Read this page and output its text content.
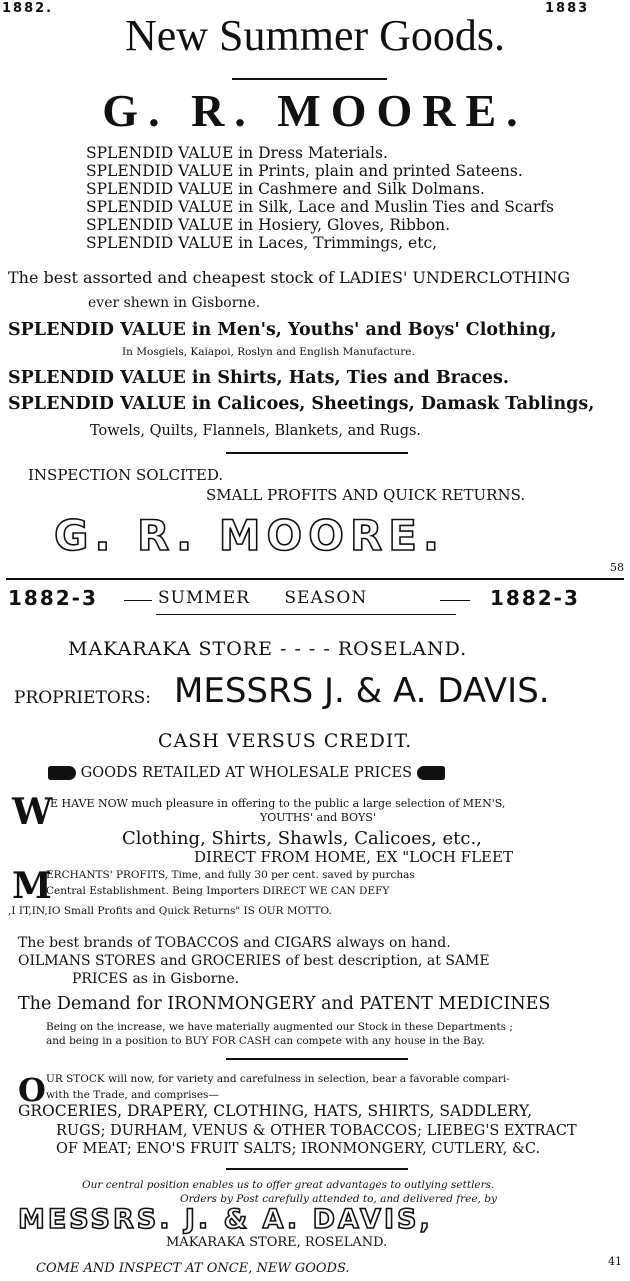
1882.	1883
New Summer Goods.
G. R. MOORE.
SPLENDID VALUE in Dress Materials.
SPLENDID VALUE in Prints, plain and printed Sateens.
SPLENDID VALUE in Cashmere and Silk Dolmans.
SPLENDID VALUE in Silk, Lace and Muslin Ties and Scarfs
SPLENDID VALUE in Hosiery, Gloves, Ribbon.
SPLENDID VALUE in Laces, Trimmings, etc,
The best assorted and cheapest stock of LADIES' UNDERCLOTHING
ever shewn in Gisborne.
SPLENDID VALUE in Men's, Youths' and Boys' Clothing,
In Mosgiels, Kaiapoi, Roslyn and English Manufacture.
SPLENDID VALUE in Shirts, Hats, Ties and Braces.
SPLENDID VALUE in Calicoes, Sheetings, Damask Tablings,
Towels, Quilts, Flannels, Blankets, and Rugs.
INSPECTION SOLCITED.
SMALL PROFITS AND QUICK RETURNS.
G. R. MOORE.
58
1882-3	SUMMER SEASON	1882-3
MAKARAKA STORE - - - - ROSELAND.
PROPRIETORS: MESSRS J. & A. DAVIS.
CASH VERSUS CREDIT.
GOODS RETAILED AT WHOLESALE PRICES
W
E HAVE NOW much pleasure in offering to the public a large selection of MEN'S,
YOUTHS' and BOYS'
Clothing, Shirts, Shawls, Calicoes, etc.,
DIRECT FROM HOME, EX "LOCH FLEET
M
ERCHANTS' PROFITS, Time, and fully 30 per cent. saved by purchas
Central Establishment. Being Importers DIRECT WE CAN DEFY
,I IT,IN,IO Small Profits and Quick Returns" IS OUR MOTTO.
The best brands of TOBACCOS and CIGARS always on hand.
OILMANS STORES and GROCERIES of best description, at SAME
PRICES as in Gisborne.
The Demand for IRONMONGERY and PATENT MEDICINES
Being on the increase, we have materially augmented our Stock in these Departments ;
and being in a position to BUY FOR CASH can compete with any house in the Bay.
O UR STOCK will now, for variety and carefulness in selection, bear a favorable compari-
with the Trade, and comprises—
GROCERIES, DRAPERY, CLOTHING, HATS, SHIRTS, SADDLERY,
RUGS; DURHAM, VENUS & OTHER TOBACCOS; LIEBEG'S EXTRACT
OF MEAT; ENO'S FRUIT SALTS; IRONMONGERY, CUTLERY, &C.
Our central position enables us to offer great advantages to outlying settlers.
Orders by Post carefully attended to, and delivered free, by
MESSRS. J. & A. DAVIS,
MAKARAKA STORE, ROSELAND.
COME AND INSPECT AT ONCE, NEW GOODS.	41
